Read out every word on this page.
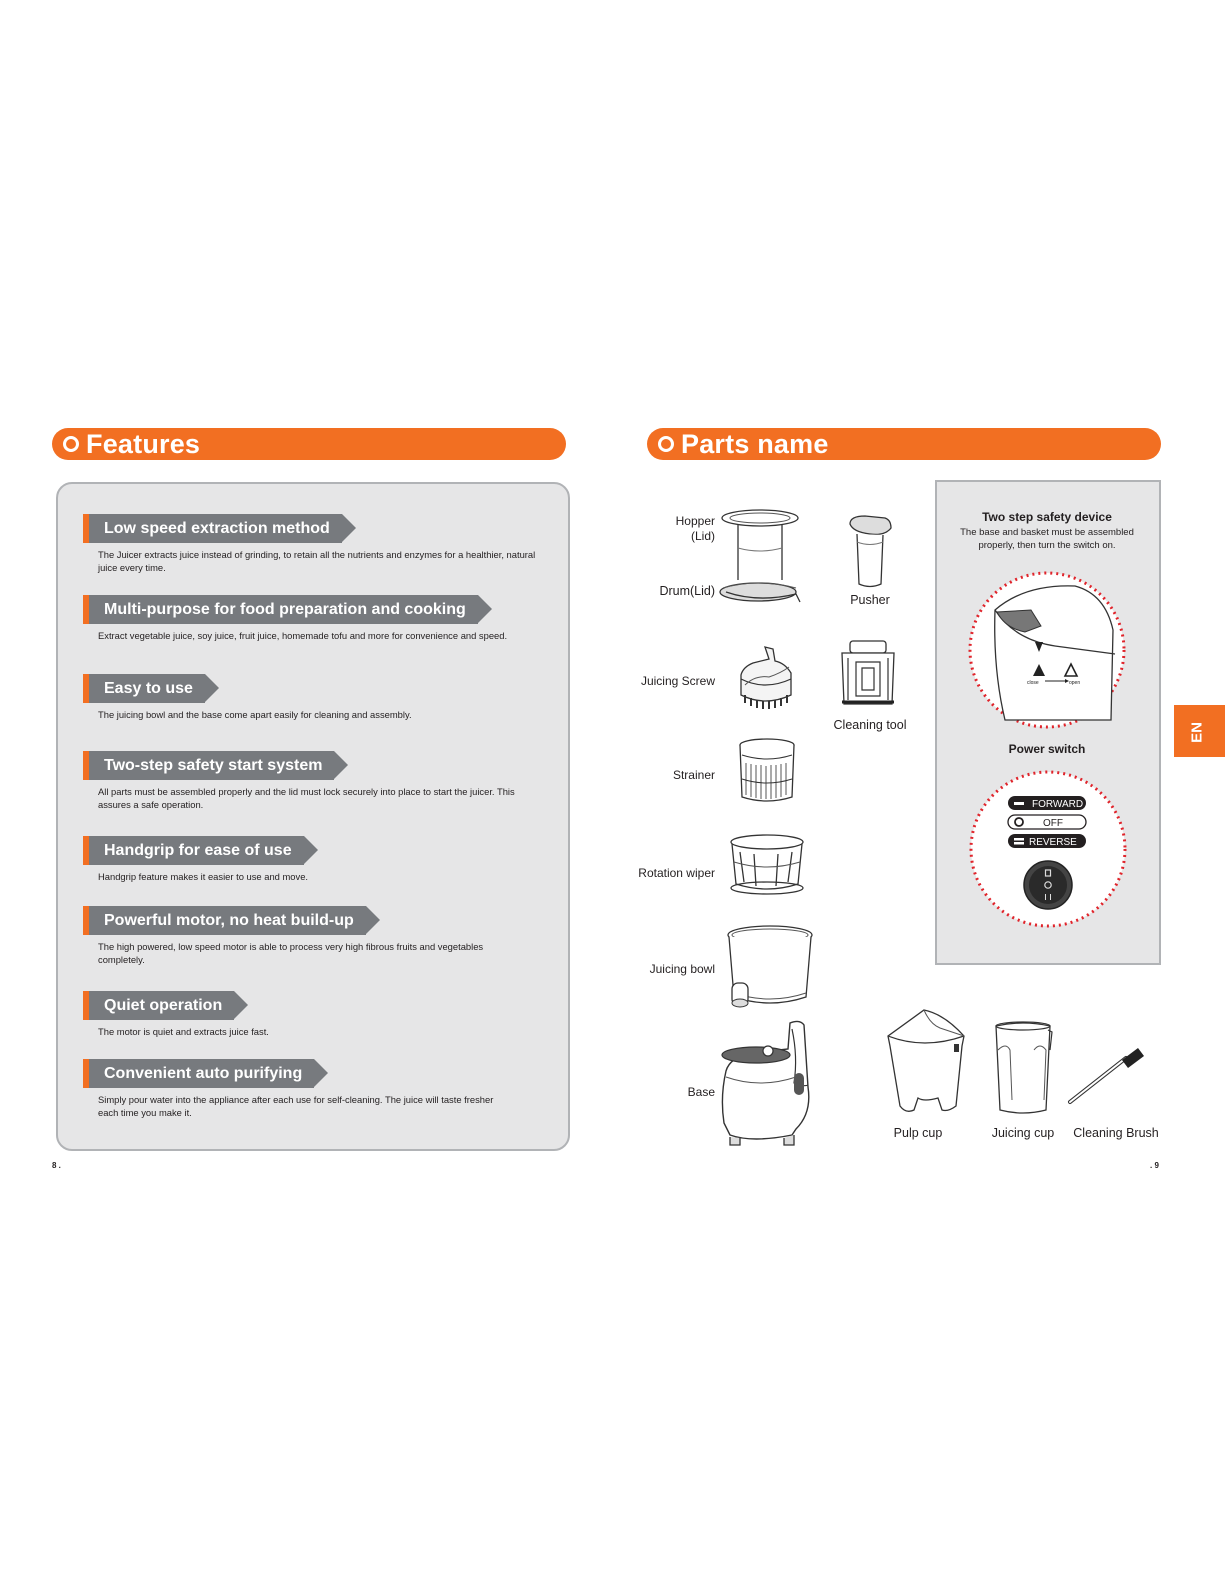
Features
Low speed extraction method
The Juicer extracts juice instead of grinding, to retain all the nutrients and enzymes for a healthier, natural juice every time.
Multi-purpose for food preparation and cooking
Extract vegetable juice, soy juice, fruit juice, homemade tofu and more for convenience and speed.
Easy to use
The juicing bowl and the base come apart easily for cleaning and assembly.
Two-step safety start system
All parts must be assembled properly and the lid must lock securely into place to start the juicer. This assures a safe operation.
Handgrip for ease of use
Handgrip feature makes it easier to use and move.
Powerful motor, no heat build-up
The high powered, low speed motor is able to process very high fibrous fruits and vegetables completely.
Quiet operation
The motor is quiet and extracts juice fast.
Convenient auto purifying
Simply pour water into the appliance after each use for self-cleaning. The juice will taste fresher each time you make it.
8 .
Parts name
Hopper
(Lid)
Drum(Lid)
Pusher
Juicing Screw
Cleaning tool
Strainer
Rotation wiper
Juicing bowl
Base
Pulp cup	Juicing cup	Cleaning Brush
Two step safety device
The base and basket must be assembled
properly, then turn the switch on.
close	open
Power switch
FORWARD
OFF
REVERSE
EN
. 9
